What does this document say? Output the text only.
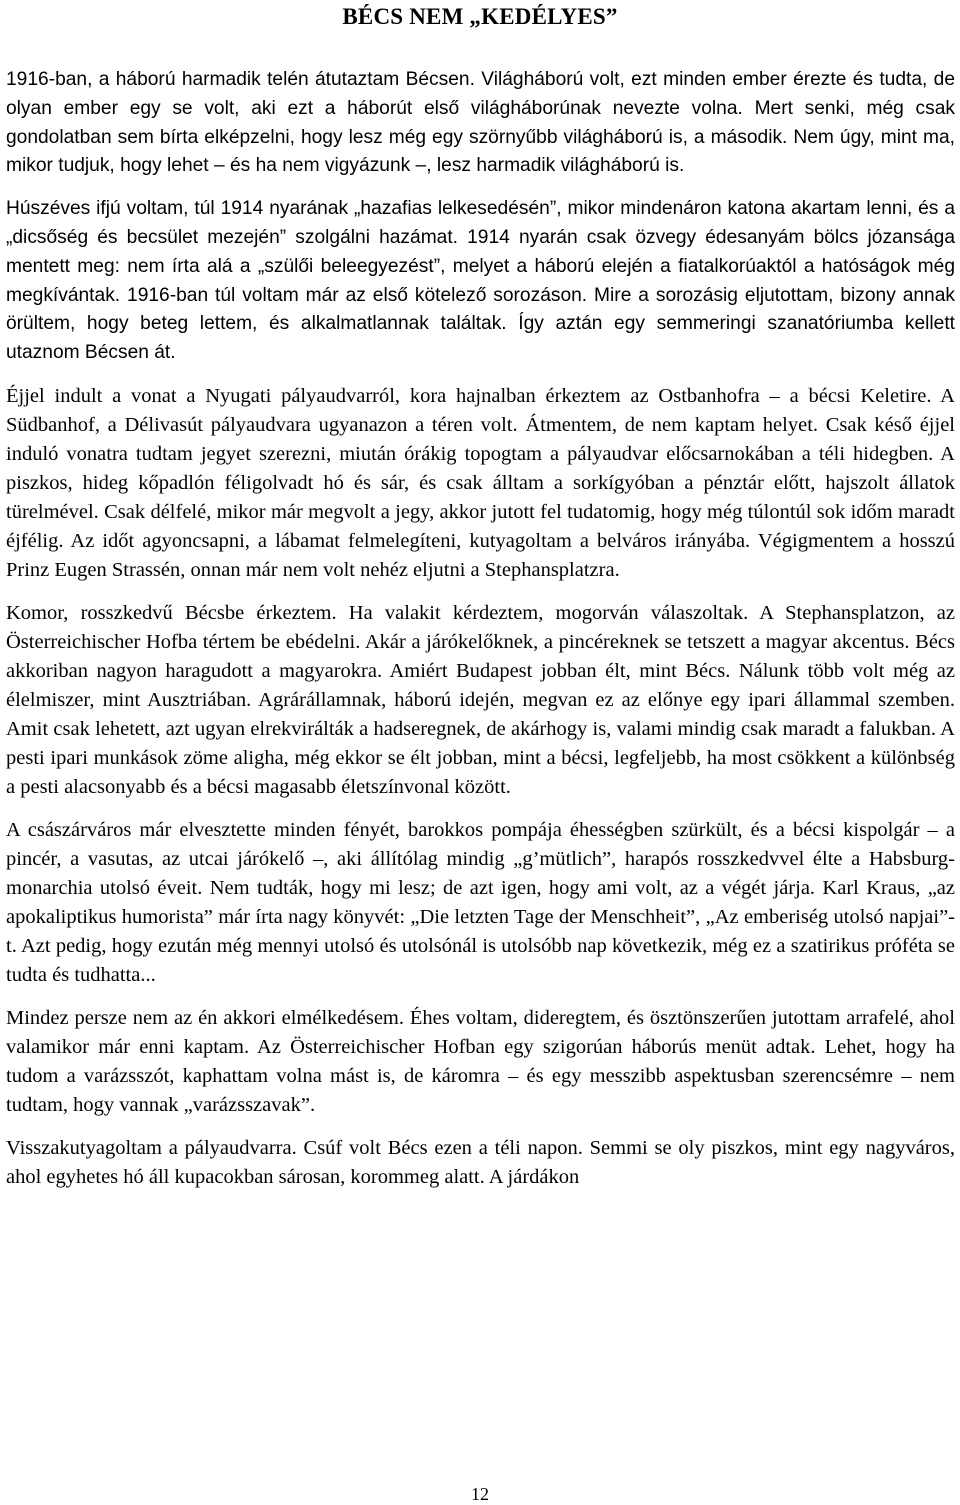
BÉCS NEM „KEDÉLYES”

1916-ban, a háború harmadik telén átutaztam Bécsen. Világháború volt, ezt minden ember érezte és tudta, de olyan ember egy se volt, aki ezt a háborút első világháborúnak nevezte volna. Mert senki, még csak gondolatban sem bírta elképzelni, hogy lesz még egy szörnyűbb világháború is, a második. Nem úgy, mint ma, mikor tudjuk, hogy lehet – és ha nem vigyázunk –, lesz harmadik világháború is.

Húszéves ifjú voltam, túl 1914 nyarának „hazafias lelkesedésén”, mikor mindenáron katona akartam lenni, és a „dicsőség és becsület mezején” szolgálni hazámat. 1914 nyarán csak özvegy édesanyám bölcs józansága mentett meg: nem írta alá a „szülői beleegyezést”, melyet a háború elején a fiatalkorúaktól a hatóságok még megkívántak. 1916-ban túl voltam már az első kötelező sorozáson. Mire a sorozásig eljutottam, bizony annak örültem, hogy beteg lettem, és alkalmatlannak találtak. Így aztán egy semmeringi szanatóriumba kellett utaznom Bécsen át.

Éjjel indult a vonat a Nyugati pályaudvarról, kora hajnalban érkeztem az Ostbanhofra – a bécsi Keletire. A Südbanhof, a Délivasút pályaudvara ugyanazon a téren volt. Átmentem, de nem kaptam helyet. Csak késő éjjel induló vonatra tudtam jegyet szerezni, miután órákig topogtam a pályaudvar előcsarnokában a téli hidegben. A piszkos, hideg kőpadlón féligolvadt hó és sár, és csak álltam a sorkígyóban a pénztár előtt, hajszolt állatok türelmével. Csak délfelé, mikor már megvolt a jegy, akkor jutott fel tudatomig, hogy még túlontúl sok időm maradt éjfélig. Az időt agyoncsapni, a lábamat felmelegíteni, kutyagoltam a belváros irányába. Végigmentem a hosszú Prinz Eugen Strassén, onnan már nem volt nehéz eljutni a Stephansplatzra.

Komor, rosszkedvű Bécsbe érkeztem. Ha valakit kérdeztem, mogorván válaszoltak. A Stephansplatzon, az Österreichischer Hofba tértem be ebédelni. Akár a járókelőknek, a pincéreknek se tetszett a magyar akcentus. Bécs akkoriban nagyon haragudott a magyarokra. Amiért Budapest jobban élt, mint Bécs. Nálunk több volt még az élelmiszer, mint Ausztriában. Agrárállamnak, háború idején, megvan ez az előnye egy ipari állammal szemben. Amit csak lehetett, azt ugyan elrekvirálták a hadseregnek, de akárhogy is, valami mindig csak maradt a falukban. A pesti ipari munkások zöme aligha, még ekkor se élt jobban, mint a bécsi, legfeljebb, ha most csökkent a különbség a pesti alacsonyabb és a bécsi magasabb életszínvonal között.

A császárváros már elvesztette minden fényét, barokkos pompája éhességben szürkült, és a bécsi kispolgár – a pincér, a vasutas, az utcai járókelő –, aki állítólag mindig „g’mütlich”, harapós rosszkedvvel élte a Habsburg- monarchia utolsó éveit. Nem tudták, hogy mi lesz; de azt igen, hogy ami volt, az a végét járja. Karl Kraus, „az apokaliptikus humorista” már írta nagy könyvét: „Die letzten Tage der Menschheit”, „Az emberiség utolsó napjai”-t. Azt pedig, hogy ezután még mennyi utolsó és utolsónál is utolsóbb nap következik, még ez a szatirikus próféta se tudta és tudhatta...

Mindez persze nem az én akkori elmélkedésem. Éhes voltam, dideregtem, és ösztönszerűen jutottam arrafelé, ahol valamikor már enni kaptam. Az Österreichischer Hofban egy szigorúan háborús menüt adtak. Lehet, hogy ha tudom a varázsszót, kaphattam volna mást is, de káromra – és egy messzibb aspektusban szerencsémre – nem tudtam, hogy vannak „varázsszavak”.

Visszakutyagoltam a pályaudvarra. Csúf volt Bécs ezen a téli napon. Semmi se oly piszkos, mint egy nagyváros, ahol egyhetes hó áll kupacokban sárosan, korommeg alatt. A járdákon

12
